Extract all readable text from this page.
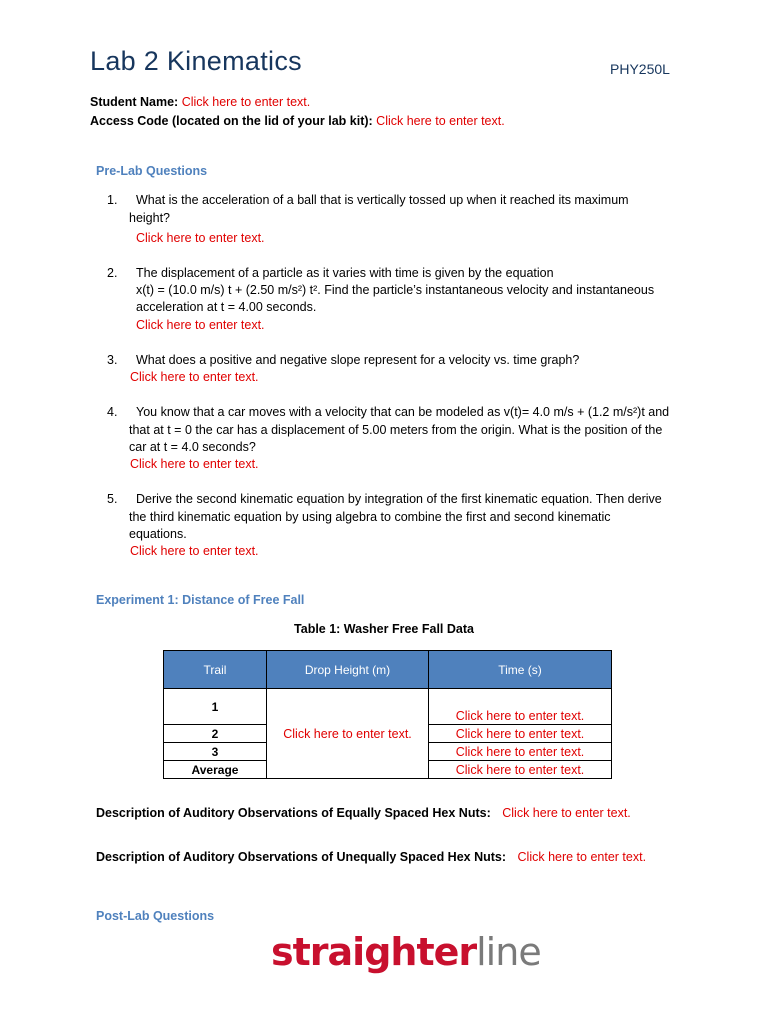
Lab 2 Kinematics	PHY250L
Student Name: Click here to enter text.
Access Code (located on the lid of your lab kit): Click here to enter text.
Pre-Lab Questions
1. What is the acceleration of a ball that is vertically tossed up when it reached its maximum
height?
Click here to enter text.
2. The displacement of a particle as it varies with time is given by the equation
x(t) = (10.0 m/s) t + (2.50 m/s²) t². Find the particle’s instantaneous velocity and instantaneous
acceleration at t = 4.00 seconds.
Click here to enter text.
3. What does a positive and negative slope represent for a velocity vs. time graph?
Click here to enter text.
4. You know that a car moves with a velocity that can be modeled as v(t)= 4.0 m/s + (1.2 m/s²)t and
that at t = 0 the car has a displacement of 5.00 meters from the origin. What is the position of the
car at t = 4.0 seconds?
Click here to enter text.
5. Derive the second kinematic equation by integration of the first kinematic equation. Then derive
the third kinematic equation by using algebra to combine the first and second kinematic
equations.
Click here to enter text.
Experiment 1: Distance of Free Fall
Table 1: Washer Free Fall Data
Trail	Drop Height (m)	Time (s)
1	Click here to enter text.	Click here to enter text.
2		Click here to enter text.
3		Click here to enter text.
Average		Click here to enter text.
Description of Auditory Observations of Equally Spaced Hex Nuts: Click here to enter text.
Description of Auditory Observations of Unequally Spaced Hex Nuts: Click here to enter text.
Post-Lab Questions
straighterline
